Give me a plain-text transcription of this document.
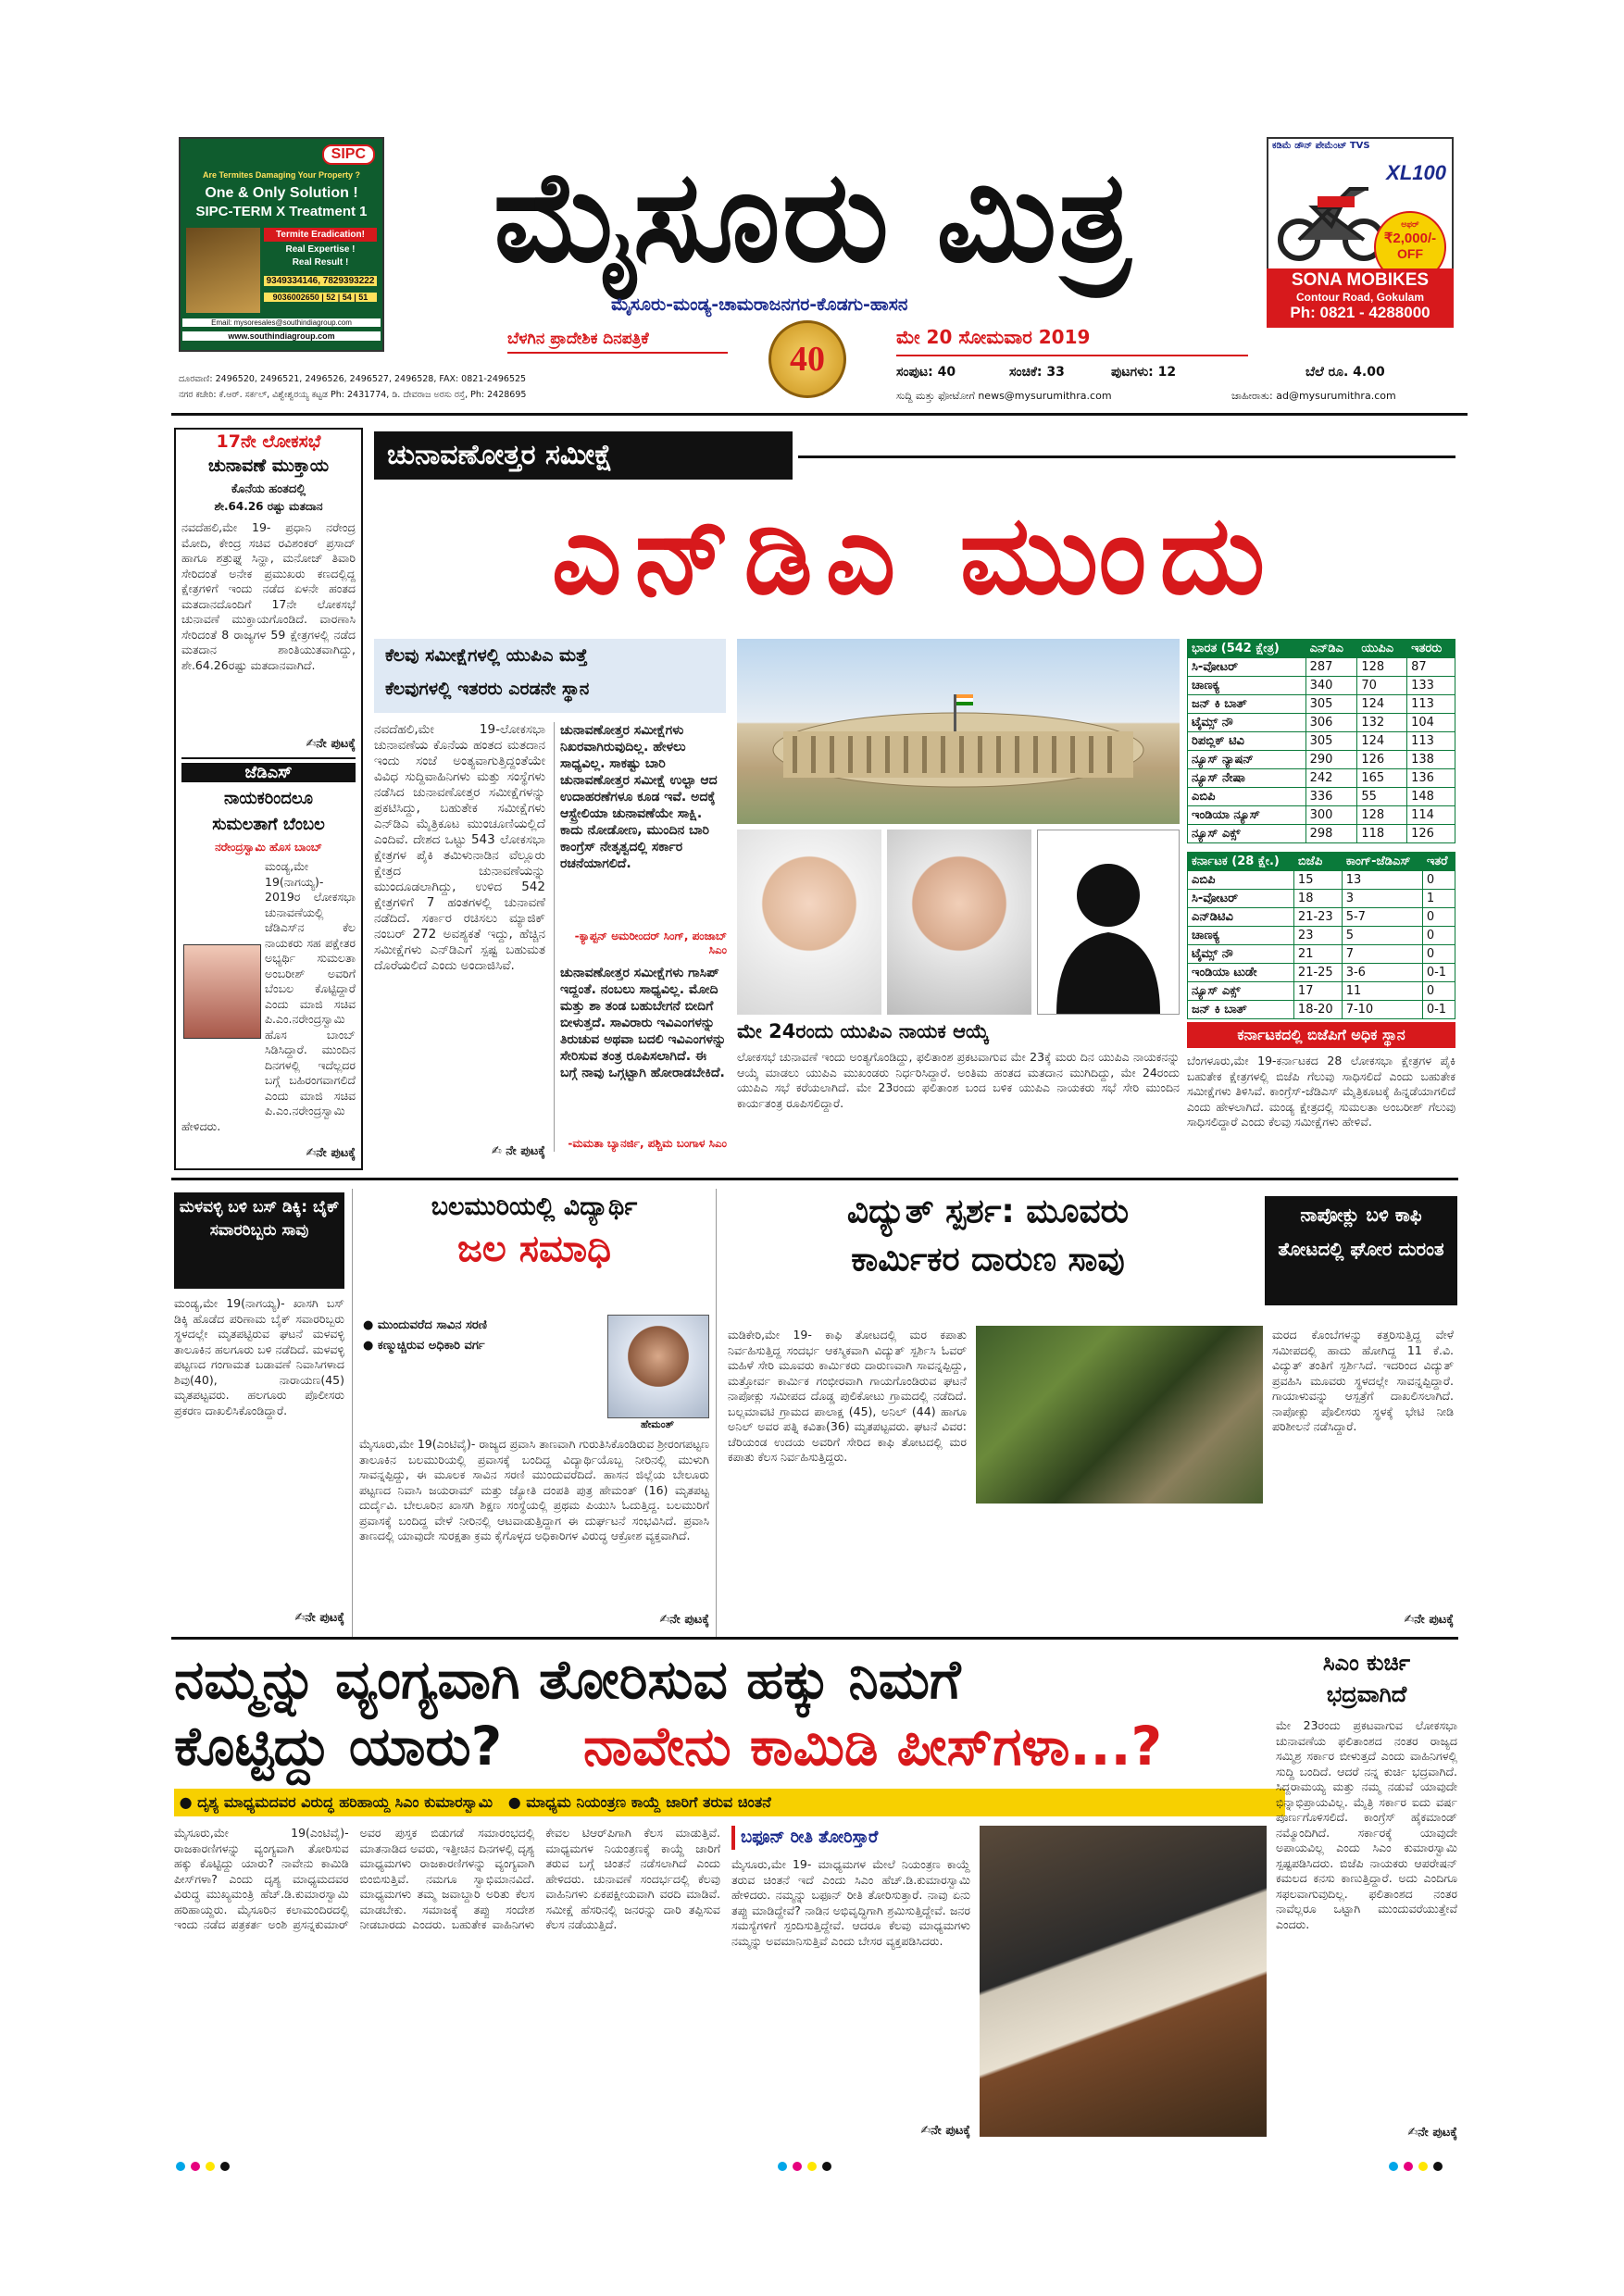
SIPC
Are Termites Damaging Your Property ?
One & Only Solution !
SIPC-TERM X Treatment 1
Termite Eradication!
Real Expertise !
Real Result !
9349334146, 7829393222
9036002650 | 52 | 54 | 51
Email: mysoresales@southindiagroup.com
www.southindiagroup.com
ಮೈಸೂರು ಮಿತ್ರ
ಮೈಸೂರು-ಮಂಡ್ಯ-ಚಾಮರಾಜನಗರ-ಕೊಡಗು-ಹಾಸನ
ಬೆಳಗಿನ ಪ್ರಾದೇಶಿಕ ದಿನಪತ್ರಿಕೆ
40
ಮೇ 20 ಸೋಮವಾರ 2019
ಕಡಿಮೆ ಡೌನ್ ಪೇಮೆಂಟ್ TVS
XL100
ಅಫರ್
₹2,000/-
OFF
SONA MOBIKES
Contour Road, Gokulam
Ph: 0821 - 4288000
ಸಂಪುಟ: 40	ಸಂಚಿಕೆ: 33	ಪುಟಗಳು: 12	ಬೆಲೆ ರೂ. 4.00
ದೂರವಾಣಿ: 2496520, 2496521, 2496526, 2496527, 2496528, FAX: 0821-2496525
ನಗರ ಕಚೇರಿ: ಕೆ.ಆರ್. ಸರ್ಕಲ್, ವಿಶ್ವೇಶ್ವರಯ್ಯ ಕಟ್ಟಡ Ph: 2431774, ಡಿ. ದೇವರಾಜ ಅರಸು ರಸ್ತೆ, Ph: 2428695	ಸುದ್ದಿ ಮತ್ತು ಫೋಟೋಗೆ news@mysurumithra.com	ಜಾಹೀರಾತು: ad@mysurumithra.com
17ನೇ ಲೋಕಸಭೆ
ಚುನಾವಣೆ ಮುಕ್ತಾಯ
ಕೊನೆಯ ಹಂತದಲ್ಲಿ
ಶೇ.64.26 ರಷ್ಟು ಮತದಾನ
ನವದೆಹಲಿ,ಮೇ 19- ಪ್ರಧಾನಿ ನರೇಂದ್ರ ಮೋದಿ, ಕೇಂದ್ರ ಸಚಿವ ರವಿಶಂಕರ್ ಪ್ರಸಾದ್ ಹಾಗೂ ಶತ್ರುಘ್ನ ಸಿನ್ಹಾ, ಮನೋಜ್ ತಿವಾರಿ ಸೇರಿದಂತೆ ಅನೇಕ ಪ್ರಮುಖರು ಕಣದಲ್ಲಿದ್ದ ಕ್ಷೇತ್ರಗಳಿಗೆ ಇಂದು ನಡೆದ ಏಳನೇ ಹಂತದ ಮತದಾನದೊಂದಿಗೆ 17ನೇ ಲೋಕಸಭೆ ಚುನಾವಣೆ ಮುಕ್ತಾಯಗೊಂಡಿದೆ. ವಾರಣಾಸಿ ಸೇರಿದಂತೆ 8 ರಾಜ್ಯಗಳ 59 ಕ್ಷೇತ್ರಗಳಲ್ಲಿ ನಡೆದ ಮತದಾನ ಶಾಂತಿಯುತವಾಗಿದ್ದು, ಶೇ.64.26ರಷ್ಟು ಮತದಾನವಾಗಿದೆ.
✍ನೇ ಪುಟಕ್ಕೆ
ಜೆಡಿಎಸ್
ನಾಯಕರಿಂದಲೂ
ಸುಮಲತಾಗೆ ಬೆಂಬಲ
ನರೇಂದ್ರಸ್ವಾಮಿ ಹೊಸ ಬಾಂಬ್
ಮಂಡ್ಯ,ಮೇ 19(ನಾಗಯ್ಯ)- 2019ರ ಲೋಕಸಭಾ ಚುನಾವಣೆಯಲ್ಲಿ ಜೆಡಿಎಸ್‌ನ ಕೆಲ ನಾಯಕರು ಸಹ ಪಕ್ಷೇತರ ಅಭ್ಯರ್ಥಿ ಸುಮಲತಾ ಅಂಬರೀಶ್ ಅವರಿಗೆ ಬೆಂಬಲ ಕೊಟ್ಟಿದ್ದಾರೆ ಎಂದು ಮಾಜಿ ಸಚಿವ ಪಿ.ಎಂ.ನರೇಂದ್ರಸ್ವಾಮಿ ಹೊಸ ಬಾಂಬ್ ಸಿಡಿಸಿದ್ದಾರೆ. ಮುಂದಿನ ದಿನಗಳಲ್ಲಿ ಇದೆಲ್ಲದರ ಬಗ್ಗೆ ಬಹಿರಂಗವಾಗಲಿದೆ ಎಂದು ಮಾಜಿ ಸಚಿವ ಪಿ.ಎಂ.ನರೇಂದ್ರಸ್ವಾಮಿ ಹೇಳಿದರು.
✍ನೇ ಪುಟಕ್ಕೆ
ಚುನಾವಣೋತ್ತರ ಸಮೀಕ್ಷೆ
ಎನ್‌ಡಿಎ ಮುಂದು
ಕೆಲವು ಸಮೀಕ್ಷೆಗಳಲ್ಲಿ ಯುಪಿಎ ಮತ್ತೆ
ಕೆಲವುಗಳಲ್ಲಿ ಇತರರು ಎರಡನೇ ಸ್ಥಾನ
ನವದೆಹಲಿ,ಮೇ 19-ಲೋಕಸಭಾ ಚುನಾವಣೆಯ ಕೊನೆಯ ಹಂತದ ಮತದಾನ ಇಂದು ಸಂಜೆ ಅಂತ್ಯವಾಗುತ್ತಿದ್ದಂತೆಯೇ ವಿವಿಧ ಸುದ್ದಿವಾಹಿನಿಗಳು ಮತ್ತು ಸಂಸ್ಥೆಗಳು ನಡೆಸಿದ ಚುನಾವಣೋತ್ತರ ಸಮೀಕ್ಷೆಗಳನ್ನು ಪ್ರಕಟಿಸಿದ್ದು, ಬಹುತೇಕ ಸಮೀಕ್ಷೆಗಳು ಎನ್‌ಡಿಎ ಮೈತ್ರಿಕೂಟ ಮುಂಚೂಣಿಯಲ್ಲಿದೆ ಎಂದಿವೆ. ದೇಶದ ಒಟ್ಟು 543 ಲೋಕಸಭಾ ಕ್ಷೇತ್ರಗಳ ಪೈಕಿ ತಮಿಳುನಾಡಿನ ವೆಲ್ಲೂರು ಕ್ಷೇತ್ರದ ಚುನಾವಣೆಯನ್ನು ಮುಂದೂಡಲಾಗಿದ್ದು, ಉಳಿದ 542 ಕ್ಷೇತ್ರಗಳಿಗೆ 7 ಹಂತಗಳಲ್ಲಿ ಚುನಾವಣೆ ನಡೆದಿದೆ. ಸರ್ಕಾರ ರಚಿಸಲು ಮ್ಯಾಜಿಕ್ ನಂಬರ್ 272 ಅವಶ್ಯಕತೆ ಇದ್ದು, ಹೆಚ್ಚಿನ ಸಮೀಕ್ಷೆಗಳು ಎನ್‌ಡಿಎಗೆ ಸ್ಪಷ್ಟ ಬಹುಮತ ದೊರೆಯಲಿದೆ ಎಂದು ಅಂದಾಜಿಸಿವೆ.
✍ ನೇ ಪುಟಕ್ಕೆ
ಚುನಾವಣೋತ್ತರ ಸಮೀಕ್ಷೆಗಳು ನಿಖರವಾಗಿರುವುದಿಲ್ಲ. ಹೇಳಲು ಸಾಧ್ಯವಿಲ್ಲ. ಸಾಕಷ್ಟು ಬಾರಿ ಚುನಾವಣೋತ್ತರ ಸಮೀಕ್ಷೆ ಉಲ್ಟಾ ಆದ ಉದಾಹರಣೆಗಳೂ ಕೂಡ ಇವೆ. ಅದಕ್ಕೆ ಆಸ್ಟ್ರೇಲಿಯಾ ಚುನಾವಣೆಯೇ ಸಾಕ್ಷಿ. ಕಾದು ನೋಡೋಣ, ಮುಂದಿನ ಬಾರಿ ಕಾಂಗ್ರೆಸ್ ನೇತೃತ್ವದಲ್ಲಿ ಸರ್ಕಾರ ರಚನೆಯಾಗಲಿದೆ.
-ಕ್ಯಾಪ್ಟನ್ ಅಮರೀಂದರ್ ಸಿಂಗ್, ಪಂಜಾಬ್ ಸಿಎಂ
ಚುನಾವಣೋತ್ತರ ಸಮೀಕ್ಷೆಗಳು ಗಾಸಿಪ್ ಇದ್ದಂತೆ. ನಂಬಲು ಸಾಧ್ಯವಿಲ್ಲ. ಮೋದಿ ಮತ್ತು ಶಾ ತಂಡ ಬಹುಬೇಗನೆ ಬೀದಿಗೆ ಬೀಳುತ್ತದೆ. ಸಾವಿರಾರು ಇವಿಎಂಗಳನ್ನು ತಿರುಚುವ ಅಥವಾ ಬದಲಿ ಇವಿಎಂಗಳನ್ನು ಸೇರಿಸುವ ತಂತ್ರ ರೂಪಿಸಲಾಗಿದೆ. ಈ ಬಗ್ಗೆ ನಾವು ಒಗ್ಗಟ್ಟಾಗಿ ಹೋರಾಡಬೇಕಿದೆ.
-ಮಮತಾ ಬ್ಯಾನರ್ಜಿ, ಪಶ್ಚಿಮ ಬಂಗಾಳ ಸಿಎಂ
ಮೇ 24ರಂದು ಯುಪಿಎ ನಾಯಕ ಆಯ್ಕೆ
ಲೋಕಸಭೆ ಚುನಾವಣೆ ಇಂದು ಅಂತ್ಯಗೊಂಡಿದ್ದು, ಫಲಿತಾಂಶ ಪ್ರಕಟವಾಗುವ ಮೇ 23ಕ್ಕೆ ಮರು ದಿನ ಯುಪಿಎ ನಾಯಕನನ್ನು ಆಯ್ಕೆ ಮಾಡಲು ಯುಪಿಎ ಮುಖಂಡರು ನಿರ್ಧರಿಸಿದ್ದಾರೆ. ಅಂತಿಮ ಹಂತದ ಮತದಾನ ಮುಗಿದಿದ್ದು, ಮೇ 24ರಂದು ಯುಪಿಎ ಸಭೆ ಕರೆಯಲಾಗಿದೆ. ಮೇ 23ರಂದು ಫಲಿತಾಂಶ ಬಂದ ಬಳಿಕ ಯುಪಿಎ ನಾಯಕರು ಸಭೆ ಸೇರಿ ಮುಂದಿನ ಕಾರ್ಯತಂತ್ರ ರೂಪಿಸಲಿದ್ದಾರೆ.
ಭಾರತ (542 ಕ್ಷೇತ್ರ)	ಎನ್‌ಡಿಎ	ಯುಪಿಎ	ಇತರರು
ಸಿ-ವೋಟರ್	287	128	87
ಚಾಣಕ್ಯ	340	70	133
ಜನ್ ಕಿ ಬಾತ್	305	124	113
ಟೈಮ್ಸ್ ನೌ	306	132	104
ರಿಪಬ್ಲಿಕ್ ಟಿವಿ	305	124	113
ನ್ಯೂಸ್ ನ್ಯಾಷನ್	290	126	138
ನ್ಯೂಸ್ ನೇಷಾ	242	165	136
ಎಬಿಪಿ	336	55	148
ಇಂಡಿಯಾ ನ್ಯೂಸ್	300	128	114
ನ್ಯೂಸ್ ಎಕ್ಸ್	298	118	126
ಕರ್ನಾಟಕ (28 ಕ್ಷೇ.)	ಬಿಜೆಪಿ	ಕಾಂಗ್-ಜೆಡಿಎಸ್	ಇತರೆ
ಎಬಿಪಿ	15	13	0
ಸಿ-ವೋಟರ್	18	3	1
ಎನ್‌ಡಿಟಿವಿ	21-23	5-7	0
ಚಾಣಕ್ಯ	23	5	0
ಟೈಮ್ಸ್ ನೌ	21	7	0
ಇಂಡಿಯಾ ಟುಡೇ	21-25	3-6	0-1
ನ್ಯೂಸ್ ಎಕ್ಸ್	17	11	0
ಜನ್ ಕಿ ಬಾತ್	18-20	7-10	0-1
ಕರ್ನಾಟಕದಲ್ಲಿ ಬಿಜೆಪಿಗೆ ಅಧಿಕ ಸ್ಥಾನ
ಬೆಂಗಳೂರು,ಮೇ 19-ಕರ್ನಾಟಕದ 28 ಲೋಕಸಭಾ ಕ್ಷೇತ್ರಗಳ ಪೈಕಿ ಬಹುತೇಕ ಕ್ಷೇತ್ರಗಳಲ್ಲಿ ಬಿಜೆಪಿ ಗೆಲುವು ಸಾಧಿಸಲಿದೆ ಎಂದು ಬಹುತೇಕ ಸಮೀಕ್ಷೆಗಳು ತಿಳಿಸಿವೆ. ಕಾಂಗ್ರೆಸ್-ಜೆಡಿಎಸ್ ಮೈತ್ರಿಕೂಟಕ್ಕೆ ಹಿನ್ನಡೆಯಾಗಲಿದೆ ಎಂದು ಹೇಳಲಾಗಿದೆ. ಮಂಡ್ಯ ಕ್ಷೇತ್ರದಲ್ಲಿ ಸುಮಲತಾ ಅಂಬರೀಶ್ ಗೆಲುವು ಸಾಧಿಸಲಿದ್ದಾರೆ ಎಂದು ಕೆಲವು ಸಮೀಕ್ಷೆಗಳು ಹೇಳಿವೆ.
ಮಳವಳ್ಳಿ ಬಳಿ ಬಸ್ ಡಿಕ್ಕಿ: ಬೈಕ್ ಸವಾರರಿಬ್ಬರು ಸಾವು
ಮಂಡ್ಯ,ಮೇ 19(ನಾಗಯ್ಯ)- ಖಾಸಗಿ ಬಸ್ ಡಿಕ್ಕಿ ಹೊಡೆದ ಪರಿಣಾಮ ಬೈಕ್ ಸವಾರರಿಬ್ಬರು ಸ್ಥಳದಲ್ಲೇ ಮೃತಪಟ್ಟಿರುವ ಘಟನೆ ಮಳವಳ್ಳಿ ತಾಲೂಕಿನ ಹಲಗೂರು ಬಳಿ ನಡೆದಿದೆ. ಮಳವಳ್ಳಿ ಪಟ್ಟಣದ ಗಂಗಾಮತ ಬಡಾವಣೆ ನಿವಾಸಿಗಳಾದ ಶಿವು(40), ನಾರಾಯಣ(45) ಮೃತಪಟ್ಟವರು. ಹಲಗೂರು ಪೊಲೀಸರು ಪ್ರಕರಣ ದಾಖಲಿಸಿಕೊಂಡಿದ್ದಾರೆ.
✍ನೇ ಪುಟಕ್ಕೆ
ಬಲಮುರಿಯಲ್ಲಿ ವಿದ್ಯಾರ್ಥಿ
ಜಲ ಸಮಾಧಿ
● ಮುಂದುವರೆದ ಸಾವಿನ ಸರಣಿ
● ಕಣ್ಮುಚ್ಚಿರುವ ಅಧಿಕಾರಿ ವರ್ಗ
ಹೇಮಂತ್
ಮೈಸೂರು,ಮೇ 19(ಎಂಟಿವೈ)- ರಾಜ್ಯದ ಪ್ರವಾಸಿ ತಾಣವಾಗಿ ಗುರುತಿಸಿಕೊಂಡಿರುವ ಶ್ರೀರಂಗಪಟ್ಟಣ ತಾಲೂಕಿನ ಬಲಮುರಿಯಲ್ಲಿ ಪ್ರವಾಸಕ್ಕೆ ಬಂದಿದ್ದ ವಿದ್ಯಾರ್ಥಿಯೊಬ್ಬ ನೀರಿನಲ್ಲಿ ಮುಳುಗಿ ಸಾವನ್ನಪ್ಪಿದ್ದು, ಈ ಮೂಲಕ ಸಾವಿನ ಸರಣಿ ಮುಂದುವರೆದಿದೆ. ಹಾಸನ ಜಿಲ್ಲೆಯ ಬೇಲೂರು ಪಟ್ಟಣದ ನಿವಾಸಿ ಜಯರಾಮ್ ಮತ್ತು ಜ್ಯೋತಿ ದಂಪತಿ ಪುತ್ರ ಹೇಮಂತ್ (16) ಮೃತಪಟ್ಟ ದುರ್ದೈವಿ. ಬೇಲೂರಿನ ಖಾಸಗಿ ಶಿಕ್ಷಣ ಸಂಸ್ಥೆಯಲ್ಲಿ ಪ್ರಥಮ ಪಿಯುಸಿ ಓದುತ್ತಿದ್ದ. ಬಲಮುರಿಗೆ ಪ್ರವಾಸಕ್ಕೆ ಬಂದಿದ್ದ ವೇಳೆ ನೀರಿನಲ್ಲಿ ಆಟವಾಡುತ್ತಿದ್ದಾಗ ಈ ದುರ್ಘಟನೆ ಸಂಭವಿಸಿದೆ. ಪ್ರವಾಸಿ ತಾಣದಲ್ಲಿ ಯಾವುದೇ ಸುರಕ್ಷತಾ ಕ್ರಮ ಕೈಗೊಳ್ಳದ ಅಧಿಕಾರಿಗಳ ವಿರುದ್ಧ ಆಕ್ರೋಶ ವ್ಯಕ್ತವಾಗಿದೆ.
✍ನೇ ಪುಟಕ್ಕೆ
ವಿದ್ಯುತ್ ಸ್ಪರ್ಶ: ಮೂವರು
ಕಾರ್ಮಿಕರ ದಾರುಣ ಸಾವು
ನಾಪೋಕ್ಲು ಬಳಿ ಕಾಫಿ ತೋಟದಲ್ಲಿ ಘೋರ ದುರಂತ
ಮಡಿಕೇರಿ,ಮೇ 19- ಕಾಫಿ ತೋಟದಲ್ಲಿ ಮರ ಕಪಾತು ನಿರ್ವಹಿಸುತ್ತಿದ್ದ ಸಂದರ್ಭ ಆಕಸ್ಮಿಕವಾಗಿ ವಿದ್ಯುತ್ ಸ್ಪರ್ಶಿಸಿ ಓವರ್ ಮಹಿಳೆ ಸೇರಿ ಮೂವರು ಕಾರ್ಮಿಕರು ದಾರುಣವಾಗಿ ಸಾವನ್ನಪ್ಪಿದ್ದು, ಮತ್ತೋರ್ವ ಕಾರ್ಮಿಕ ಗಂಭೀರವಾಗಿ ಗಾಯಗೊಂಡಿರುವ ಘಟನೆ ನಾಪೋಕ್ಲು ಸಮೀಪದ ದೊಡ್ಡ ಪುಲಿಕೋಟು ಗ್ರಾಮದಲ್ಲಿ ನಡೆದಿದೆ. ಬಲ್ಲಮಾವಟಿ ಗ್ರಾಮದ ಪಾಲಾಕ್ಷ (45), ಅನಿಲ್ (44) ಹಾಗೂ ಅನಿಲ್ ಅವರ ಪತ್ನಿ ಕವಿತಾ(36) ಮೃತಪಟ್ಟವರು. ಘಟನೆ ವಿವರ: ಚೆರಿಯಂಡ ಉದಯ ಅವರಿಗೆ ಸೇರಿದ ಕಾಫಿ ತೋಟದಲ್ಲಿ ಮರ ಕಪಾತು ಕೆಲಸ ನಿರ್ವಹಿಸುತ್ತಿದ್ದರು.
ಮರದ ಕೊಂಬೆಗಳನ್ನು ಕತ್ತರಿಸುತ್ತಿದ್ದ ವೇಳೆ ಸಮೀಪದಲ್ಲಿ ಹಾದು ಹೋಗಿದ್ದ 11 ಕೆ.ವಿ. ವಿದ್ಯುತ್ ತಂತಿಗೆ ಸ್ಪರ್ಶಿಸಿದೆ. ಇದರಿಂದ ವಿದ್ಯುತ್ ಪ್ರವಹಿಸಿ ಮೂವರು ಸ್ಥಳದಲ್ಲೇ ಸಾವನ್ನಪ್ಪಿದ್ದಾರೆ. ಗಾಯಾಳುವನ್ನು ಆಸ್ಪತ್ರೆಗೆ ದಾಖಲಿಸಲಾಗಿದೆ. ನಾಪೋಕ್ಲು ಪೊಲೀಸರು ಸ್ಥಳಕ್ಕೆ ಭೇಟಿ ನೀಡಿ ಪರಿಶೀಲನೆ ನಡೆಸಿದ್ದಾರೆ.
✍ನೇ ಪುಟಕ್ಕೆ
ನಮ್ಮನ್ನು ವ್ಯಂಗ್ಯವಾಗಿ ತೋರಿಸುವ ಹಕ್ಕು ನಿಮಗೆ
ಕೊಟ್ಟಿದ್ದು ಯಾರು?	ನಾವೇನು ಕಾಮಿಡಿ ಪೀಸ್‌ಗಳಾ...?
● ದೃಶ್ಯ ಮಾಧ್ಯಮದವರ ವಿರುದ್ಧ ಹರಿಹಾಯ್ದ ಸಿಎಂ ಕುಮಾರಸ್ವಾಮಿ   ● ಮಾಧ್ಯಮ ನಿಯಂತ್ರಣ ಕಾಯ್ದೆ ಜಾರಿಗೆ ತರುವ ಚಿಂತನೆ
ಮೈಸೂರು,ಮೇ 19(ಎಂಟಿವೈ)- ರಾಜಕಾರಣಿಗಳನ್ನು ವ್ಯಂಗ್ಯವಾಗಿ ತೋರಿಸುವ ಹಕ್ಕು ಕೊಟ್ಟಿದ್ದು ಯಾರು? ನಾವೇನು ಕಾಮಿಡಿ ಪೀಸ್‌ಗಳಾ? ಎಂದು ದೃಶ್ಯ ಮಾಧ್ಯಮದವರ ವಿರುದ್ಧ ಮುಖ್ಯಮಂತ್ರಿ ಹೆಚ್.ಡಿ.ಕುಮಾರಸ್ವಾಮಿ ಹರಿಹಾಯ್ದರು. ಮೈಸೂರಿನ ಕಲಾಮಂದಿರದಲ್ಲಿ ಇಂದು ನಡೆದ ಪತ್ರಕರ್ತ ಅಂಶಿ ಪ್ರಸನ್ನಕುಮಾರ್ ಅವರ ಪುಸ್ತಕ ಬಿಡುಗಡೆ ಸಮಾರಂಭದಲ್ಲಿ ಮಾತನಾಡಿದ ಅವರು, ಇತ್ತೀಚಿನ ದಿನಗಳಲ್ಲಿ ದೃಶ್ಯ ಮಾಧ್ಯಮಗಳು ರಾಜಕಾರಣಿಗಳನ್ನು ವ್ಯಂಗ್ಯವಾಗಿ ಬಿಂಬಿಸುತ್ತಿವೆ. ನಮಗೂ ಸ್ವಾಭಿಮಾನವಿದೆ. ಮಾಧ್ಯಮಗಳು ತಮ್ಮ ಜವಾಬ್ದಾರಿ ಅರಿತು ಕೆಲಸ ಮಾಡಬೇಕು. ಸಮಾಜಕ್ಕೆ ತಪ್ಪು ಸಂದೇಶ ನೀಡಬಾರದು ಎಂದರು. ಬಹುತೇಕ ವಾಹಿನಿಗಳು ಕೇವಲ ಟಿಆರ್‌ಪಿಗಾಗಿ ಕೆಲಸ ಮಾಡುತ್ತಿವೆ. ಮಾಧ್ಯಮಗಳ ನಿಯಂತ್ರಣಕ್ಕೆ ಕಾಯ್ದೆ ಜಾರಿಗೆ ತರುವ ಬಗ್ಗೆ ಚಿಂತನೆ ನಡೆಸಲಾಗಿದೆ ಎಂದು ಹೇಳಿದರು. ಚುನಾವಣೆ ಸಂದರ್ಭದಲ್ಲಿ ಕೆಲವು ವಾಹಿನಿಗಳು ಏಕಪಕ್ಷೀಯವಾಗಿ ವರದಿ ಮಾಡಿವೆ. ಸಮೀಕ್ಷೆ ಹೆಸರಿನಲ್ಲಿ ಜನರನ್ನು ದಾರಿ ತಪ್ಪಿಸುವ ಕೆಲಸ ನಡೆಯುತ್ತಿದೆ.
ಬಫೂನ್ ರೀತಿ ತೋರಿಸ್ತಾರೆ
ಮೈಸೂರು,ಮೇ 19- ಮಾಧ್ಯಮಗಳ ಮೇಲೆ ನಿಯಂತ್ರಣ ಕಾಯ್ದೆ ತರುವ ಚಿಂತನೆ ಇದೆ ಎಂದು ಸಿಎಂ ಹೆಚ್.ಡಿ.ಕುಮಾರಸ್ವಾಮಿ ಹೇಳಿದರು. ನಮ್ಮನ್ನು ಬಫೂನ್ ರೀತಿ ತೋರಿಸುತ್ತಾರೆ. ನಾವು ಏನು ತಪ್ಪು ಮಾಡಿದ್ದೇವೆ? ನಾಡಿನ ಅಭಿವೃದ್ಧಿಗಾಗಿ ಶ್ರಮಿಸುತ್ತಿದ್ದೇವೆ. ಜನರ ಸಮಸ್ಯೆಗಳಿಗೆ ಸ್ಪಂದಿಸುತ್ತಿದ್ದೇವೆ. ಆದರೂ ಕೆಲವು ಮಾಧ್ಯಮಗಳು ನಮ್ಮನ್ನು ಅವಮಾನಿಸುತ್ತಿವೆ ಎಂದು ಬೇಸರ ವ್ಯಕ್ತಪಡಿಸಿದರು.
✍ನೇ ಪುಟಕ್ಕೆ
ಸಿಎಂ ಕುರ್ಚಿ
ಭದ್ರವಾಗಿದೆ
ಮೇ 23ರಂದು ಪ್ರಕಟವಾಗುವ ಲೋಕಸಭಾ ಚುನಾವಣೆಯ ಫಲಿತಾಂಶದ ನಂತರ ರಾಜ್ಯದ ಸಮ್ಮಿಶ್ರ ಸರ್ಕಾರ ಬೀಳುತ್ತದೆ ಎಂದು ವಾಹಿನಿಗಳಲ್ಲಿ ಸುದ್ದಿ ಬಂದಿದೆ. ಆದರೆ ನನ್ನ ಕುರ್ಚಿ ಭದ್ರವಾಗಿದೆ. ಸಿದ್ದರಾಮಯ್ಯ ಮತ್ತು ನಮ್ಮ ನಡುವೆ ಯಾವುದೇ ಭಿನ್ನಾಭಿಪ್ರಾಯವಿಲ್ಲ. ಮೈತ್ರಿ ಸರ್ಕಾರ ಐದು ವರ್ಷ ಪೂರ್ಣಗೊಳಿಸಲಿದೆ. ಕಾಂಗ್ರೆಸ್ ಹೈಕಮಾಂಡ್ ನಮ್ಮೊಂದಿಗಿದೆ. ಸರ್ಕಾರಕ್ಕೆ ಯಾವುದೇ ಅಪಾಯವಿಲ್ಲ ಎಂದು ಸಿಎಂ ಕುಮಾರಸ್ವಾಮಿ ಸ್ಪಷ್ಟಪಡಿಸಿದರು. ಬಿಜೆಪಿ ನಾಯಕರು ಆಪರೇಷನ್ ಕಮಲದ ಕನಸು ಕಾಣುತ್ತಿದ್ದಾರೆ. ಅದು ಎಂದಿಗೂ ಸಫಲವಾಗುವುದಿಲ್ಲ. ಫಲಿತಾಂಶದ ನಂತರ ನಾವೆಲ್ಲರೂ ಒಟ್ಟಾಗಿ ಮುಂದುವರೆಯುತ್ತೇವೆ ಎಂದರು.
✍ನೇ ಪುಟಕ್ಕೆ
